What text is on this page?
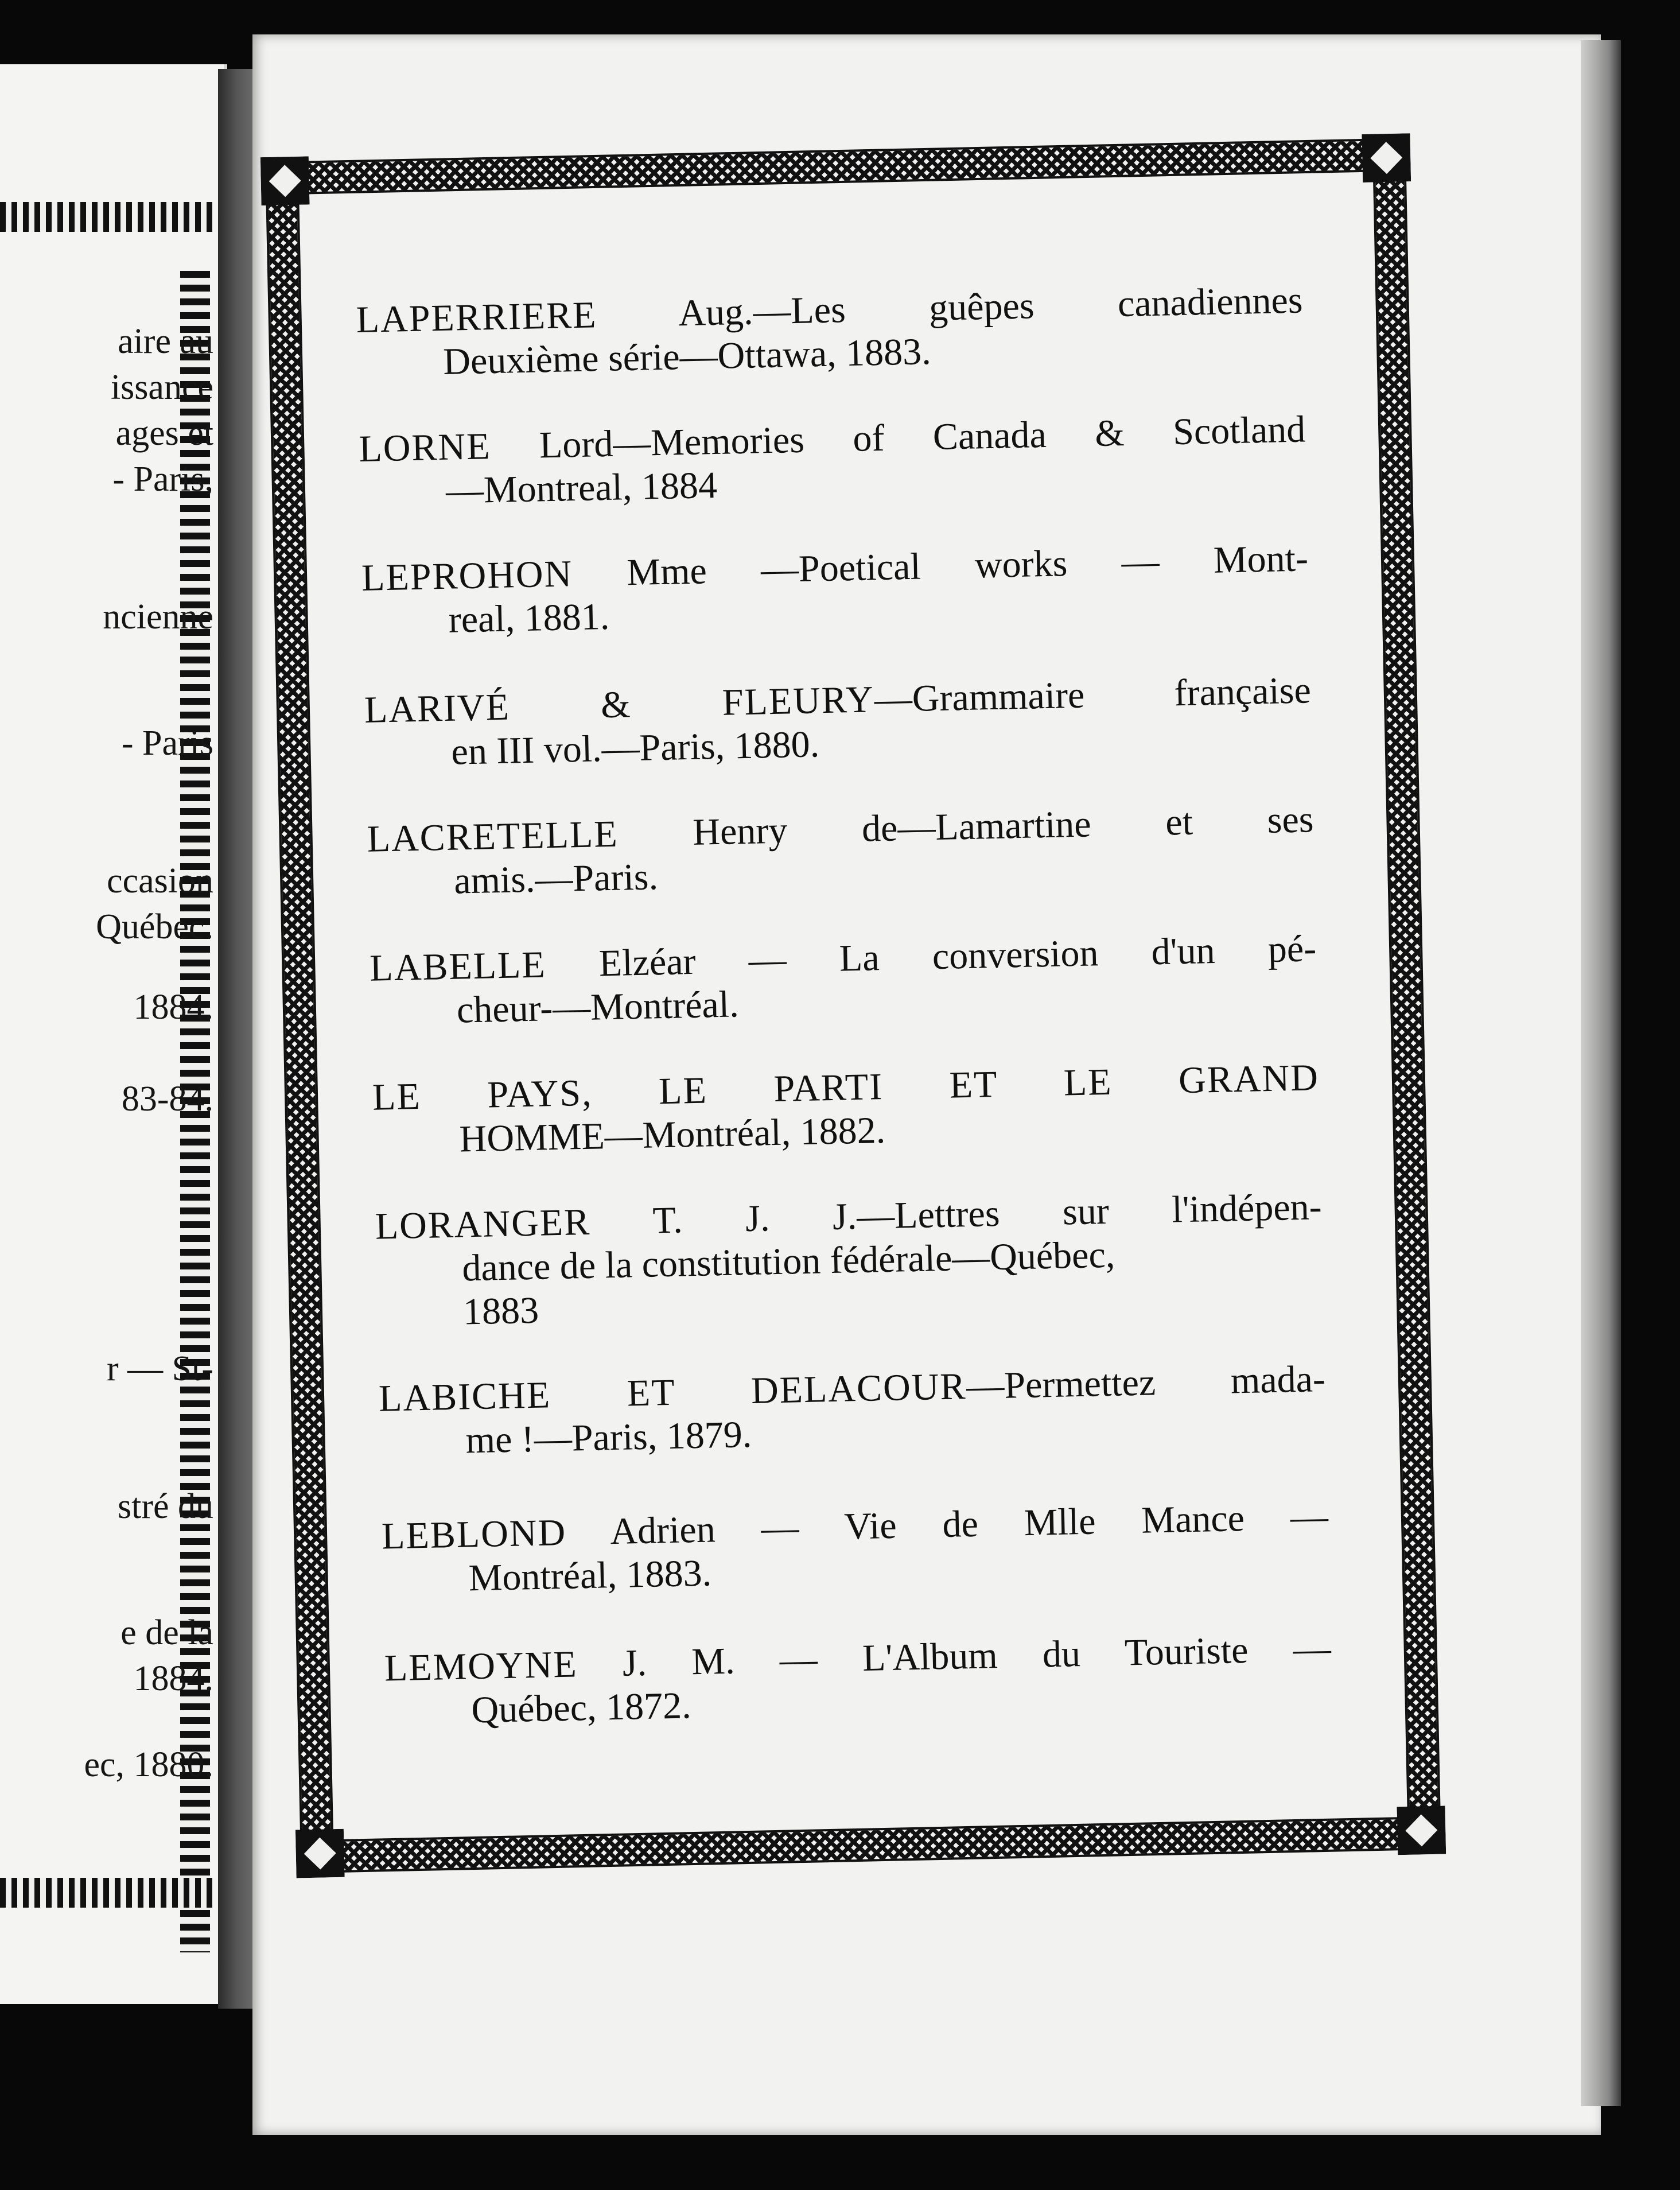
aire au
issance
ages et
- Paris,
ncienne
- Paris
ccasion
Québec.
1884.
83-84.
r — St-
stré du
e de la
1884.
ec, 1880.
LAPERRIERE Aug.—Les guêpes canadiennes
Deuxième série—Ottawa, 1883.
LORNE Lord—Memories of Canada & Scotland
—Montreal, 1884
LEPROHON Mme —Poetical works — Mont-
real, 1881.
LARIVÉ & FLEURY—Grammaire française
en III vol.—Paris, 1880.
LACRETELLE Henry de—Lamartine et ses
amis.—Paris.
LABELLE Elzéar — La conversion d'un pé-
cheur-—Montréal.
LE PAYS, LE PARTI ET LE GRAND
HOMME—Montréal, 1882.
LORANGER T. J. J.—Lettres sur l'indépen-
dance de la constitution fédérale—Québec,
1883
LABICHE ET DELACOUR—Permettez mada-
me !—Paris, 1879.
LEBLOND Adrien — Vie de Mlle Mance —
Montréal, 1883.
LEMOYNE J. M. — L'Album du Touriste —
Québec, 1872.
